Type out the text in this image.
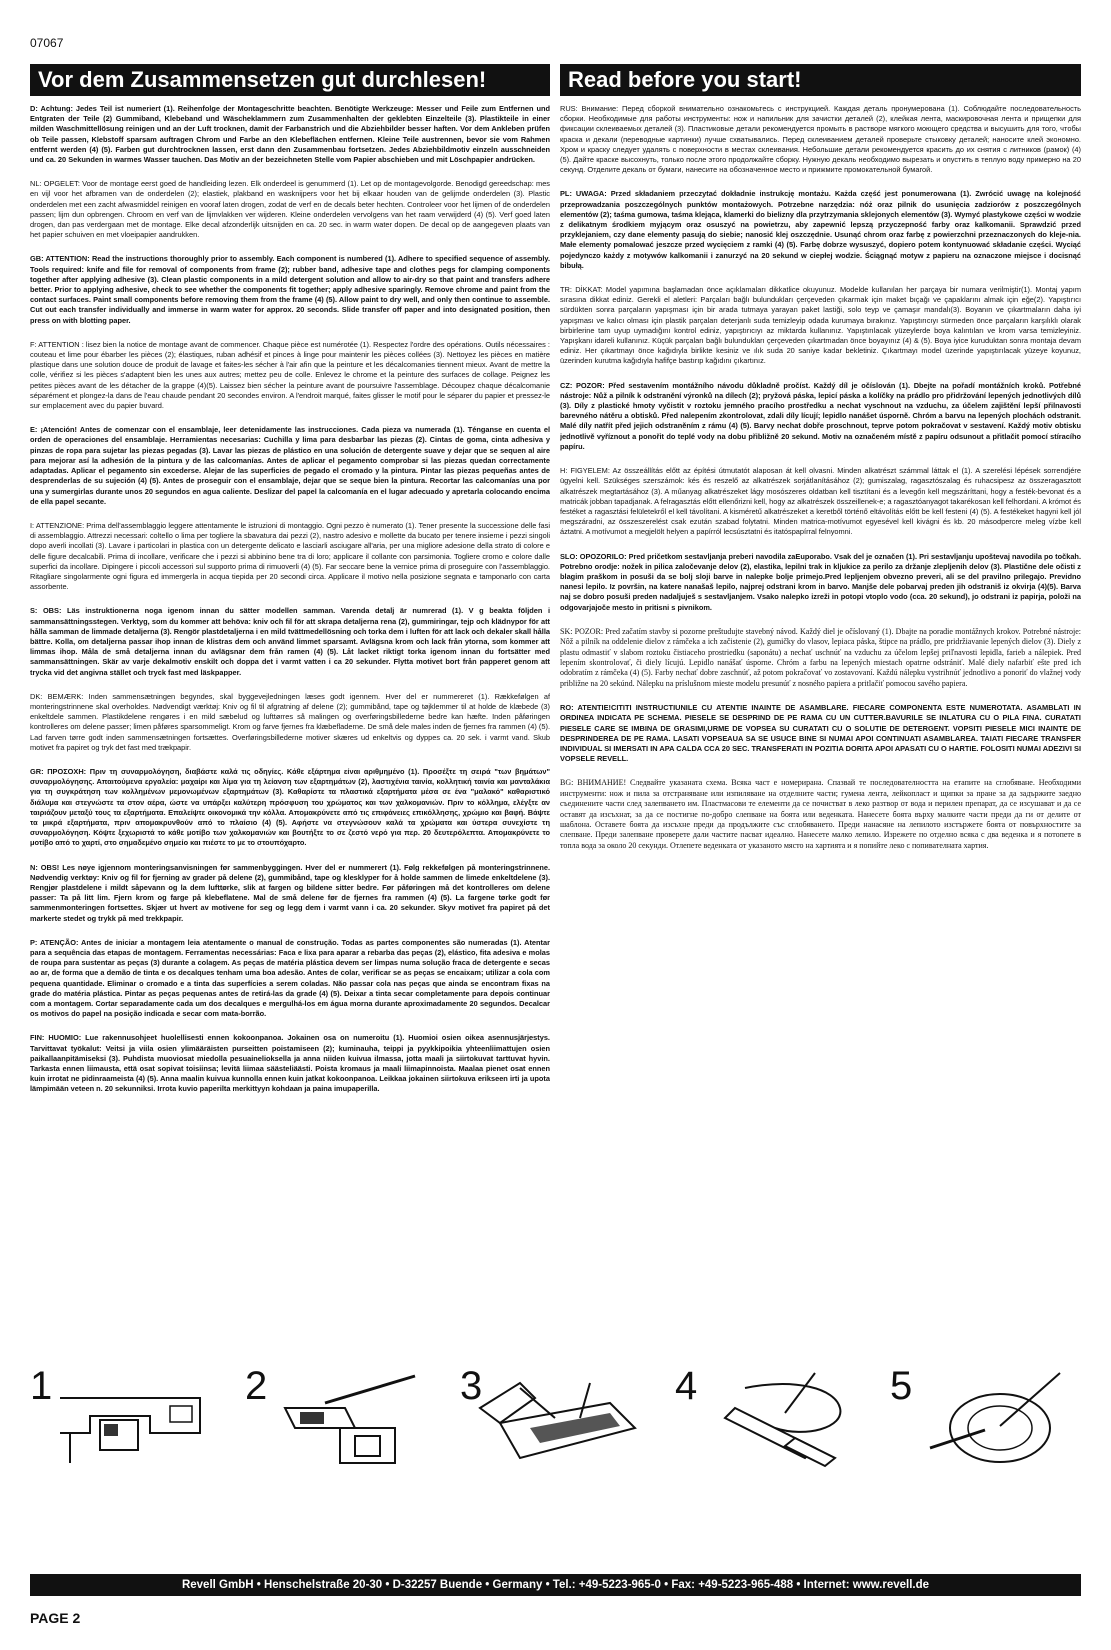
07067
Vor dem Zusammensetzen gut durchlesen!	Read before you start!

D: Achtung: Jedes Teil ist numeriert (1). Reihenfolge der Montageschritte beachten. Benötigte Werkzeuge: Messer und Feile zum Entfernen und Entgraten der Teile (2) Gummiband, Klebeband und Wäscheklammern zum Zusammenhalten der geklebten Einzelteile (3). Plastikteile in einer milden Waschmittellösung reinigen und an der Luft trocknen, damit der Farbanstrich und die Abziehbilder besser haften. Vor dem Ankleben prüfen ob Teile passen, Klebstoff sparsam auftragen Chrom und Farbe an den Klebeflächen entfernen. Kleine Teile austrennen, bevor sie vom Rahmen entfernt werden (4) (5). Farben gut durchtrocknen lassen, erst dann den Zusammenbau fortsetzen. Jedes Abziehbildmotiv einzeln ausschneiden und ca. 20 Sekunden in warmes Wasser tauchen. Das Motiv an der bezeichneten Stelle vom Papier abschieben und mit Löschpapier andrücken.

NL: OPGELET: Voor de montage eerst goed de handleiding lezen. Elk onderdeel is genummerd (1). Let op de montagevolgorde. Benodigd gereedschap: mes en vijl voor het afbramen van de onderdelen (2); elastiek, plakband en wasknijpers voor het bij elkaar houden van de gelijmde onderdelen (3). Plastic onderdelen met een zacht afwasmiddel reinigen en vooraf laten drogen, zodat de verf en de decals beter hechten. Controleer voor het lijmen of de onderdelen passen; lijm dun opbrengen. Chroom en verf van de lijmvlakken ver wijderen. Kleine onderdelen vervolgens van het raam verwijderd (4) (5). Verf goed laten drogen, dan pas verdergaan met de montage. Elke decal afzonderlijk uitsnijden en ca. 20 sec. in warm water dopen. De decal op de aangegeven plaats van het papier schuiven en met vloeipapier aandrukken.

GB: ATTENTION: Read the instructions thoroughly prior to assembly. Each component is numbered (1). Adhere to specified sequence of assembly. Tools required: knife and file for removal of components from frame (2); rubber band, adhesive tape and clothes pegs for clamping components together after applying adhesive (3). Clean plastic components in a mild detergent solution and allow to air-dry so that paint and transfers adhere better. Prior to applying adhesive, check to see whether the components fit together; apply adhesive sparingly. Remove chrome and paint from the contact surfaces. Paint small components before removing them from the frame (4) (5). Allow paint to dry well, and only then continue to assemble. Cut out each transfer individually and immerse in warm water for approx. 20 seconds. Slide transfer off paper and into designated position, then press on with blotting paper.

F: ATTENTION : lisez bien la notice de montage avant de commencer. Chaque pièce est numérotée (1). Respectez l'ordre des opérations. Outils nécessaires : couteau et lime pour ébarber les pièces (2); élastiques, ruban adhésif et pinces à linge pour maintenir les pièces collées (3). Nettoyez les pièces en matière plastique dans une solution douce de produit de lavage et faites-les sécher à l'air afin que la peinture et les décalcomanies tiennent mieux. Avant de mettre la colle, vérifiez si les pièces s'adaptent bien les unes aux autres; mettez peu de colle. Enlevez le chrome et la peinture des surfaces de collage. Peignez les petites pièces avant de les détacher de la grappe (4)(5). Laissez bien sécher la peinture avant de poursuivre l'assemblage. Découpez chaque décalcomanie séparément et plongez-la dans de l'eau chaude pendant 20 secondes environ. A l'endroit marqué, faites glisser le motif pour le séparer du papier et pressez-le sur emplacement avec du papier buvard.

E: ¡Atención! Antes de comenzar con el ensamblaje, leer detenidamente las instrucciones. Cada pieza va numerada (1). Ténganse en cuenta el orden de operaciones del ensamblaje. Herramientas necesarias: Cuchilla y lima para desbarbar las piezas (2). Cintas de goma, cinta adhesiva y pinzas de ropa para sujetar las piezas pegadas (3). Lavar las piezas de plástico en una solución de detergente suave y dejar que se sequen al aire para mejorar así la adhesión de la pintura y de las calcomanías. Antes de aplicar el pegamento comprobar si las piezas quedan correctamente adaptadas. Aplicar el pegamento sin excederse. Alejar de las superficies de pegado el cromado y la pintura. Pintar las piezas pequeñas antes de desprenderlas de su sujeción (4) (5). Antes de proseguir con el ensamblaje, dejar que se seque bien la pintura. Recortar las calcomanías una por una y sumergirlas durante unos 20 segundos en agua caliente. Deslizar del papel la calcomanía en el lugar adecuado y apretarla colocando encima de ella papel secante.

I: ATTENZIONE: Prima dell'assemblaggio leggere attentamente le istruzioni di montaggio. Ogni pezzo è numerato (1). Tener presente la successione delle fasi di assemblaggio. Attrezzi necessari: coltello o lima per togliere la sbavatura dai pezzi (2), nastro adesivo e mollette da bucato per tenere insieme i pezzi singoli dopo averli incollati (3). Lavare i particolari in plastica con un detergente delicato e lasciarli asciugare all'aria, per una migliore adesione della strato di colore e delle figure decalcabili. Prima di incollare, verificare che i pezzi si abbinino bene tra di loro; applicare il collante con parsimonia. Togliere cromo e colore dalle superfici da incollare. Dipingere i piccoli accessori sul supporto prima di rimuoverli (4) (5). Far seccare bene la vernice prima di proseguire con l'assemblaggio. Ritagliare singolarmente ogni figura ed immergerla in acqua tiepida per 20 secondi circa. Applicare il motivo nella posizione segnata e tamponarlo con carta assorbente.

S: OBS: Läs instruktionerna noga igenom innan du sätter modellen samman. Varenda detalj är numrerad (1). V g beakta följden i sammansättningsstegen. Verktyg, som du kommer att behöva: kniv och fil för att skrapa detaljerna rena (2), gummiringar, tejp och klädnypor för att hålla samman de limmade detaljerna (3). Rengör plastdetaljerna i en mild tvättmedellösning och torka dem i luften för att lack och dekaler skall hålla bättre. Kolla, om detaljerna passar ihop innan de klistras dem och använd limmet sparsamt. Avlägsna krom och lack från ytorna, som kommer att limmas ihop. Måla de små detaljerna innan du avlägsnar dem från ramen (4) (5). Låt lacket riktigt torka igenom innan du fortsätter med sammansättningen. Skär av varje dekalmotiv enskilt och doppa det i varmt vatten i ca 20 sekunder. Flytta motivet bort från papperet genom att trycka vid det angivna stället och tryck fast med läskpapper.

DK: BEMÆRK: Inden sammensætningen begyndes, skal byggevejledningen læses godt igennem. Hver del er nummereret (1). Rækkefølgen af monteringstrinnene skal overholdes. Nødvendigt værktøj: Kniv og fil til afgratning af delene (2); gummibånd, tape og tøjklemmer til at holde de klæbede (3) enkeltdele sammen. Plastikdelene rengøres i en mild sæbelud og lufttørres så malingen og overføringsbillederne bedre kan hæfte. Inden påføringen kontrolleres om delene passer; limen påføres sparsommeligt. Krom og farve fjernes fra klæbefladerne. De små dele males inden de fjernes fra rammen (4) (5). Lad farven tørre godt inden sammensætningen fortsættes. Overføringsbillederne motiver skæres ud enkeltvis og dyppes ca. 20 sek. i varmt vand. Skub motivet fra papiret og tryk det fast med trækpapir.

GR: ΠΡΟΣΟΧΗ: Πριν τη συναρμολόγηση, διαβάστε καλά τις οδηγίες. Κάθε εξάρτημα είναι αριθμημένο (1). Προσέξτε τη σειρά "των βημάτων" συναρμολόγησης. Απαιτούμενα εργαλεία: μαχαίρι και λίμα για τη λείανση των εξαρτημάτων (2), λαστιχένια ταινία, κολλητική ταινία και μανταλάκια για τη συγκράτηση των κολλημένων μεμονωμένων εξαρτημάτων (3). Καθαρίστε τα πλαστικά εξαρτήματα μέσα σε ένα "μαλακό" καθαριστικό διάλυμα και στεγνώστε τα στον αέρα, ώστε να υπάρξει καλύτερη πρόσφυση του χρώματος και των χαλκομανιών. Πριν το κόλλημα, ελέγξτε αν ταιριάζουν μεταξύ τους τα εξαρτήματα. Επαλείψτε οικονομικά την κόλλα. Απομακρύνετε από τις επιφάνειες επικόλλησης, χρώμιο και βαφή. Βάψτε τα μικρά εξαρτήματα, πριν απομακρυνθούν από το πλαίσιο (4) (5). Αφήστε να στεγνώσουν καλά τα χρώματα και ύστερα συνεχίστε τη συναρμολόγηση. Κόψτε ξεχωριστά το κάθε μοτίβο των χαλκομανιών και βουτήξτε το σε ζεστό νερό για περ. 20 δευτερόλεπτα. Απομακρύνετε το μοτίβο από το χαρτί, στο σημαδεμένο σημείο και πιέστε το με το στουπόχαρτο.

N: OBS! Les nøye igjennom monteringsanvisningen før sammenbyggingen. Hver del er nummerert (1). Følg rekkefølgen på monteringstrinnene. Nødvendig verktøy: Kniv og fil for fjerning av grader på delene (2), gummibånd, tape og klesklyper for å holde sammen de limede enkeltdelene (3). Rengjør plastdelene i mildt såpevann og la dem lufttørke, slik at fargen og bildene sitter bedre. Før påføringen må det kontrolleres om delene passer: Ta på litt lim. Fjern krom og farge på klebeflatene. Mal de små delene før de fjernes fra rammen (4) (5). La fargene tørke godt før sammenmonteringen fortsettes. Skjær ut hvert av motivene for seg og legg dem i varmt vann i ca. 20 sekunder. Skyv motivet fra papiret på det markerte stedet og trykk på med trekkpapir.

P: ATENÇÃO: Antes de iniciar a montagem leia atentamente o manual de construção. Todas as partes componentes são numeradas (1). Atentar para a sequência das etapas de montagem. Ferramentas necessárias: Faca e lixa para aparar a rebarba das peças (2), elástico, fita adesiva e molas de roupa para sustentar as peças (3) durante a colagem. As peças de matéria plástica devem ser limpas numa solução fraca de detergente e secas ao ar, de forma que a demão de tinta e os decalques tenham uma boa adesão. Antes de colar, verificar se as peças se encaixam; utilizar a cola com pequena quantidade. Eliminar o cromado e a tinta das superfícies a serem coladas. Não passar cola nas peças que ainda se encontram fixas na grade do matéria plástica. Pintar as peças pequenas antes de retirá-las da grade (4) (5). Deixar a tinta secar completamente para depois continuar com a montagem. Cortar separadamente cada um dos decalques e mergulhá-los em água morna durante aproximadamente 20 segundos. Decalcar os motivos do papel na posição indicada e secar com mata-borrão.

FIN: HUOMIO: Lue rakennusohjeet huolellisesti ennen kokoonpanoa. Jokainen osa on numeroitu (1). Huomioi osien oikea asennusjärjestys. Tarvittavat työkalut: Veitsi ja viila osien ylimääräisten purseitten poistamiseen (2); kuminauha, teippi ja pyykkipoikia yhteenliimattujen osien paikallaanpitämiseksi (3). Puhdista muoviosat miedolla pesuainelioksella ja anna niiden kuivua ilmassa, jotta maali ja siirtokuvat tarttuvat hyvin. Tarkasta ennen liimausta, että osat sopivat toisiinsa; levitä liimaa säästeliäästi. Poista kromaus ja maali liimapinnoista. Maalaa pienet osat ennen kuin irrotat ne pidinraameista (4) (5). Anna maalin kuivua kunnolla ennen kuin jatkat kokoonpanoa. Leikkaa jokainen siirtokuva erikseen irti ja upota lämpimään veteen n. 20 sekunniksi. Irrota kuvio paperilta merkittyyn kohdaan ja paina imupaperilla.

RUS: Внимание: Перед сборкой внимательно ознакомьтесь с инструкцией. Каждая деталь пронумерована (1). Соблюдайте последовательность сборки. Необходимые для работы инструменты: нож и напильник для зачистки деталей (2), клейкая лента, маскировочная лента и прищепки для фиксации склеиваемых деталей (3). Пластиковые детали рекомендуется промыть в растворе мягкого моющего средства и высушить для того, чтобы краска и декали (переводные картинки) лучше схватывались. Перед склеиванием деталей проверьте стыковку деталей; наносите клей экономно. Хром и краску следует удалять с поверхности в местах склеивания. Небольшие детали рекомендуется красить до их снятия с литников (рамок) (4) (5). Дайте краске высохнуть, только после этого продолжайте сборку. Нужную декаль необходимо вырезать и опустить в теплую воду примерно на 20 секунд. Отделите декаль от бумаги, нанесите на обозначенное место и прижмите промокательной бумагой.

PL: UWAGA: Przed składaniem przeczytać dokładnie instrukcję montażu. Każda część jest ponumerowana (1). Zwrócić uwagę na kolejność przeprowadzania poszczególnych punktów montażowych. Potrzebne narzędzia: nóż oraz pilnik do usunięcia zadziorów z poszczególnych elementów (2); taśma gumowa, taśma klejąca, klamerki do bielizny dla przytrzymania sklejonych elementów (3). Wymyć plastykowe części w wodzie z delikatnym środkiem myjącym oraz osuszyć na powietrzu, aby zapewnić lepszą przyczepność farby oraz kalkomanii. Sprawdzić przed przyklejaniem, czy dane elementy pasują do siebie; nanosić klej oszczędnie. Usunąć chrom oraz farbę z powierzchni przeznaczonych do kleje-nia. Małe elementy pomalować jeszcze przed wycięciem z ramki (4) (5). Farbę dobrze wysuszyć, dopiero potem kontynuować składanie części. Wyciąć pojedynczo każdy z motywów kalkomanii i zanurzyć na 20 sekund w ciepłej wodzie. Ściągnąć motyw z papieru na oznaczone miejsce i docisnąć bibułą.

TR: DİKKAT: Model yapımına başlamadan önce açıklamaları dikkatlice okuyunuz. Modelde kullanılan her parçaya bir numara verilmiştir(1). Montaj yapım sırasına dikkat ediniz. Gerekli el aletleri: Parçaları bağlı bulundukları çerçeveden çıkarmak için maket bıçağı ve çapaklarını almak için eğe(2). Yapıştırıcı sürdükten sonra parçaların yapışması için bir arada tutmaya yarayan paket lastiği, solo teyp ve çamaşır mandalı(3). Boyanın ve çıkartmaların daha iyi yapışması ve kalıcı olması için plastik parçaları deterjanlı suda temizleyip odada kurumaya bırakınız. Yapıştırıcıyı sürmeden önce parçaların karşılıklı olarak birbirlerine tam uyup uymadığını kontrol ediniz, yapıştırıcıyı az miktarda kullanınız. Yapıştırılacak yüzeylerde boya kalıntıları ve krom varsa temizleyiniz. Yapışkanı idareli kullanınız. Küçük parçaları bağlı bulundukları çerçeveden çıkartmadan önce boyayınız (4) & (5). Boya iyice kuruduktan sonra montaja devam ediniz. Her çıkartmayı önce kağıdıyla birlikte kesiniz ve ılık suda 20 saniye kadar bekletiniz. Çıkartmayı model üzerinde yapıştırılacak yüzeye koyunuz, üzerinden kurutma kağıdıyla hafifçe bastırıp kağıdını çıkartınız.

CZ: POZOR: Před sestavením montážního návodu důkladně pročíst. Každý díl je očíslován (1). Dbejte na pořadí montážních kroků. Potřebné nástroje: Nůž a pilník k odstranění výronků na dílech (2); pryžová páska, lepicí páska a kolíčky na prádlo pro přidržování lepených jednotlivých dílů (3). Díly z plastické hmoty vyčistit v roztoku jemného pracího prostředku a nechat vyschnout na vzduchu, za účelem zajištění lepší přilnavosti barevného nátěru a obtisků. Před nalepením zkontrolovat, zdali díly lícují; lepidlo nanášet úsporně. Chróm a barvu na lepených plochách odstranit. Malé díly natřít před jejich odstraněním z rámu (4) (5). Barvy nechat dobře proschnout, teprve potom pokračovat v sestavení. Každý motiv obtisku jednotlivě vyříznout a ponořit do teplé vody na dobu přibližně 20 sekund. Motiv na označeném místě z papíru odsunout a přitlačit pomocí stíracího papíru.

H: FIGYELEM: Az összeállítás előtt az építési útmutatót alaposan át kell olvasni. Minden alkatrészt számmal láttak el (1). A szerelési lépések sorrendjére ügyelni kell. Szükséges szerszámok: kés és reszelő az alkatrészek sorjátlanításához (2); gumiszalag, ragasztószalag és ruhacsipesz az összeragasztott alkatrészek megtartásához (3). A műanyag alkatrészeket lágy mosószeres oldatban kell tisztítani és a levegőn kell megszáríttani, hogy a festék-bevonat és a matricák jobban tapadjanak. A felragasztás előtt ellenőrizni kell, hogy az alkatrészek összeillenek-e; a ragasztóanyagot takarékosan kell felhordani. A krómot és festéket a ragasztási felületekről el kell távolítani. A kisméretű alkatrészeket a keretből történő eltávolítás előtt be kell festeni (4) (5). A festékeket hagyni kell jól megszáradni, az összeszerelést csak ezután szabad folytatni. Minden matrica-motívumot egyesével kell kivágni és kb. 20 másodpercre meleg vízbe kell áztatni. A motívumot a megjelölt helyen a papírról lecsúsztatni és itatóspapírral felnyomni.

SLO: OPOZORILO: Pred pričetkom sestavljanja preberi navodila zaЕuporabo. Vsak del je označen (1). Pri sestavljanju upoštevaj navodila po točkah. Potrebno orodje: nožek in pilica zaločevanje delov (2), elastika, lepilni trak in kljukice za perilo za držanje zlepljenih delov (3). Plastične dele očisti z blagim praškom in posuši da se bolj sloji barve in nalepke bolje primejo.Pred lepljenjem obvezno preveri, ali se del pravilno prilegajo. Previdno nanesi lepilo. Iz površin, na katere nanašaš lepilo, najprej odstrani krom in barvo. Manjše dele pobarvaj preden jih odstraniš iz okvirja (4)(5). Barva naj se dobro posuši preden nadaljuješ s sestavljanjem. Vsako nalepko izreži in potopi vtoplo vodo (cca. 20 sekund), jo odstrani iz papirja, položi na odgovarjajoče mesto in pritisni s pivnikom.

SK: POZOR: Pred začatím stavby si pozorne preštudujte stavebný návod. Každý diel je očíslovaný (1). Dbajte na poradie montážnych krokov. Potrebné nástroje: Nôž a pilník na oddelenie dielov z rámčeka a ich začistenie (2), gumičky do vlasov, lepiaca páska, štipce na prádlo, pre pridržiavanie lepených dielov (3). Diely z plastu odmastiť v slabom roztoku čistiaceho prostriedku (saponátu) a nechať uschnúť na vzduchu za účelom lepšej priľnavosti lepidla, farieb a nálepiek. Pred lepením skontrolovať, či diely lícujú. Lepidlo nanášať úsporne. Chróm a farbu na lepených miestach opatrne odstrániť. Malé diely nafarbiť ešte pred ich odobratím z rámčeka (4) (5). Farby nechať dobre zaschnúť, až potom pokračovať vo zostavovaní. Každú nálepku vystrihnúť jednotlivo a ponoriť do vlažnej vody približne na 20 sekúnd. Nálepku na príslušnom mieste modelu presunúť z nosného papiera a pritlačiť pomocou savého papiera.

RO: ATENTIE!CITITI INSTRUCTIUNILE CU ATENTIE INAINTE DE ASAMBLARE. FIECARE COMPONENTA ESTE NUMEROTATA. ASAMBLATI IN ORDINEA INDICATA PE SCHEMA. PIESELE SE DESPRIND DE PE RAMA CU UN CUTTER.BAVURILE SE INLATURA CU O PILA FINA. CURATATI PIESELE CARE SE IMBINA DE GRASIMI,URME DE VOPSEA SU CURATATI CU O SOLUTIE DE DETERGENT. VOPSITI PIESELE MICI INAINTE DE DESPRINDEREA DE PE RAMA. LASATI VOPSEAUA SA SE USUCE BINE SI NUMAI APOI CONTINUATI ASAMBLAREA. TAIATI FIECARE TRANSFER INDIVIDUAL SI IMERSATI IN APA CALDA CCA 20 SEC. TRANSFERATI IN POZITIA DORITA APOI APASATI CU O HARTIE. FOLOSITI NUMAI ADEZIVI SI VOPSELE REVELL.

BG: ВНИМАНИЕ! Следвайте указаната схема. Всяка част е номерирана. Спазвай те последователността на етапите на сглобяване. Необходими инструменти: нож и пила за отстраняване или изпиляване на отделните части; гумена лента, лейкопласт и щипки за пране за да задържите заедно съединените части след залепването им. Пластмасови те елементи да се почистват в леко разтвор от вода и перилен препарат, да се изсушават и да се оставят да изсъхнат, за да се постигне по-добро слепване на боята или веденката. Нанесете боята върху малките части преди да ги от делите от шаблона. Оставете боята да изсъхне преди да продължите със сглобяването. Преди нанасяне на лепилото изстържете боята от повърхностите за слепване. Преди залепване проверете дали частите пасват идеално. Нанесете малко лепило. Изрежете по отделно всяка с два веденка и я потопете в топла вода за около 20 секунди. Отлепете веденката от указаното място на хартията и я попийте леко с попивателната хартия.

1	2	3	4	5
Revell GmbH • Henschelstraße 20-30 • D-32257 Buende • Germany • Tel.: +49-5223-965-0 • Fax: +49-5223-965-488 • Internet: www.revell.de
PAGE 2
